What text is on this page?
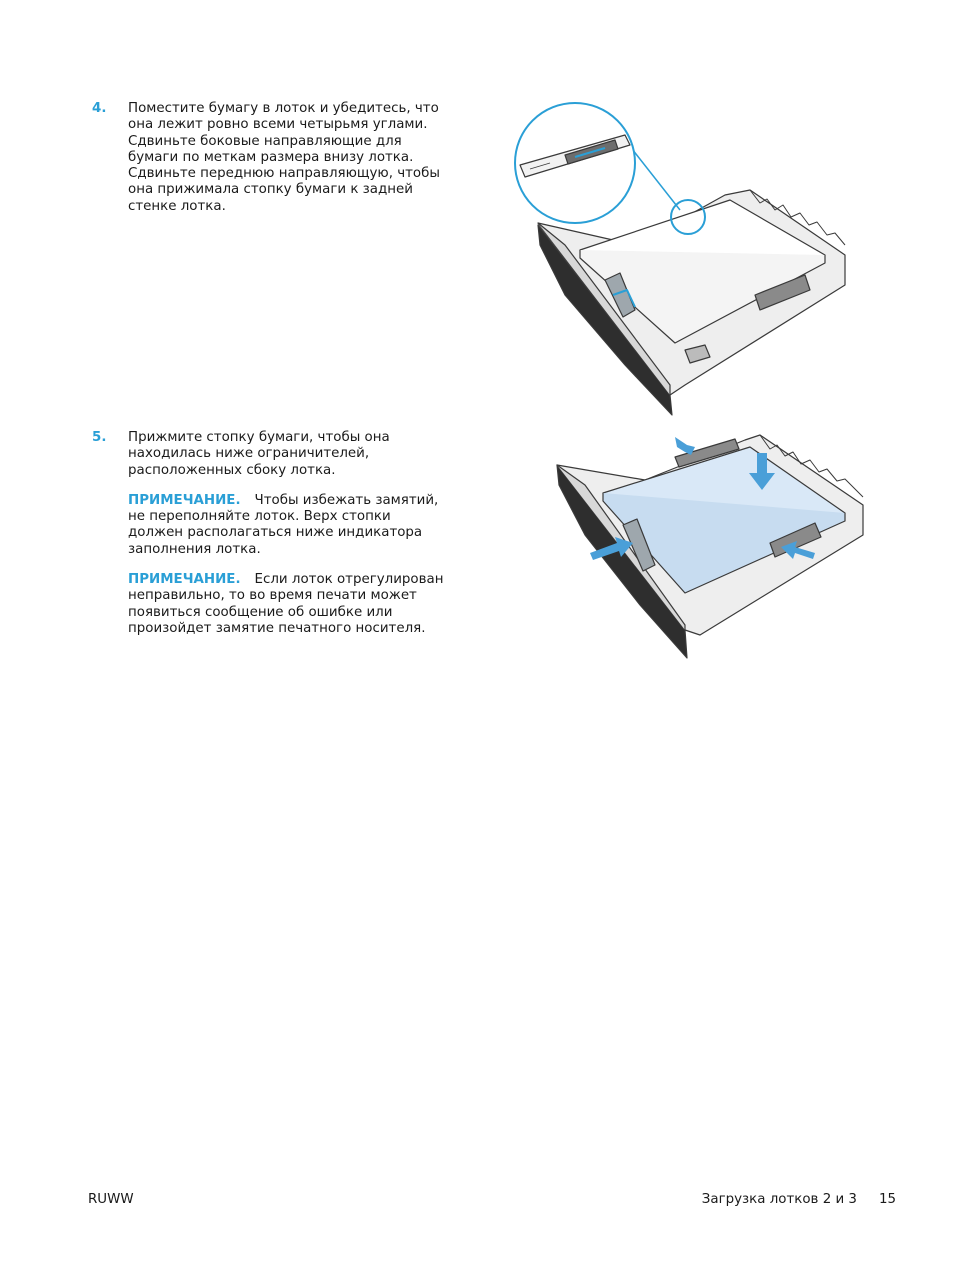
4. Поместите бумагу в лоток и убедитесь, что
она лежит ровно всеми четырьмя углами.
Сдвиньте боковые направляющие для
бумаги по меткам размера внизу лотка.
Сдвиньте переднюю направляющую, чтобы
она прижимала стопку бумаги к задней
стенке лотка.

5. Прижмите стопку бумаги, чтобы она
находилась ниже ограничителей,
расположенных сбоку лотка.

ПРИМЕЧАНИЕ. Чтобы избежать замятий,
не переполняйте лоток. Верх стопки
должен располагаться ниже индикатора
заполнения лотка.

ПРИМЕЧАНИЕ. Если лоток отрегулирован
неправильно, то во время печати может
появиться сообщение об ошибке или
произойдет замятие печатного носителя.

RUWW	Загрузка лотков 2 и 3 15
